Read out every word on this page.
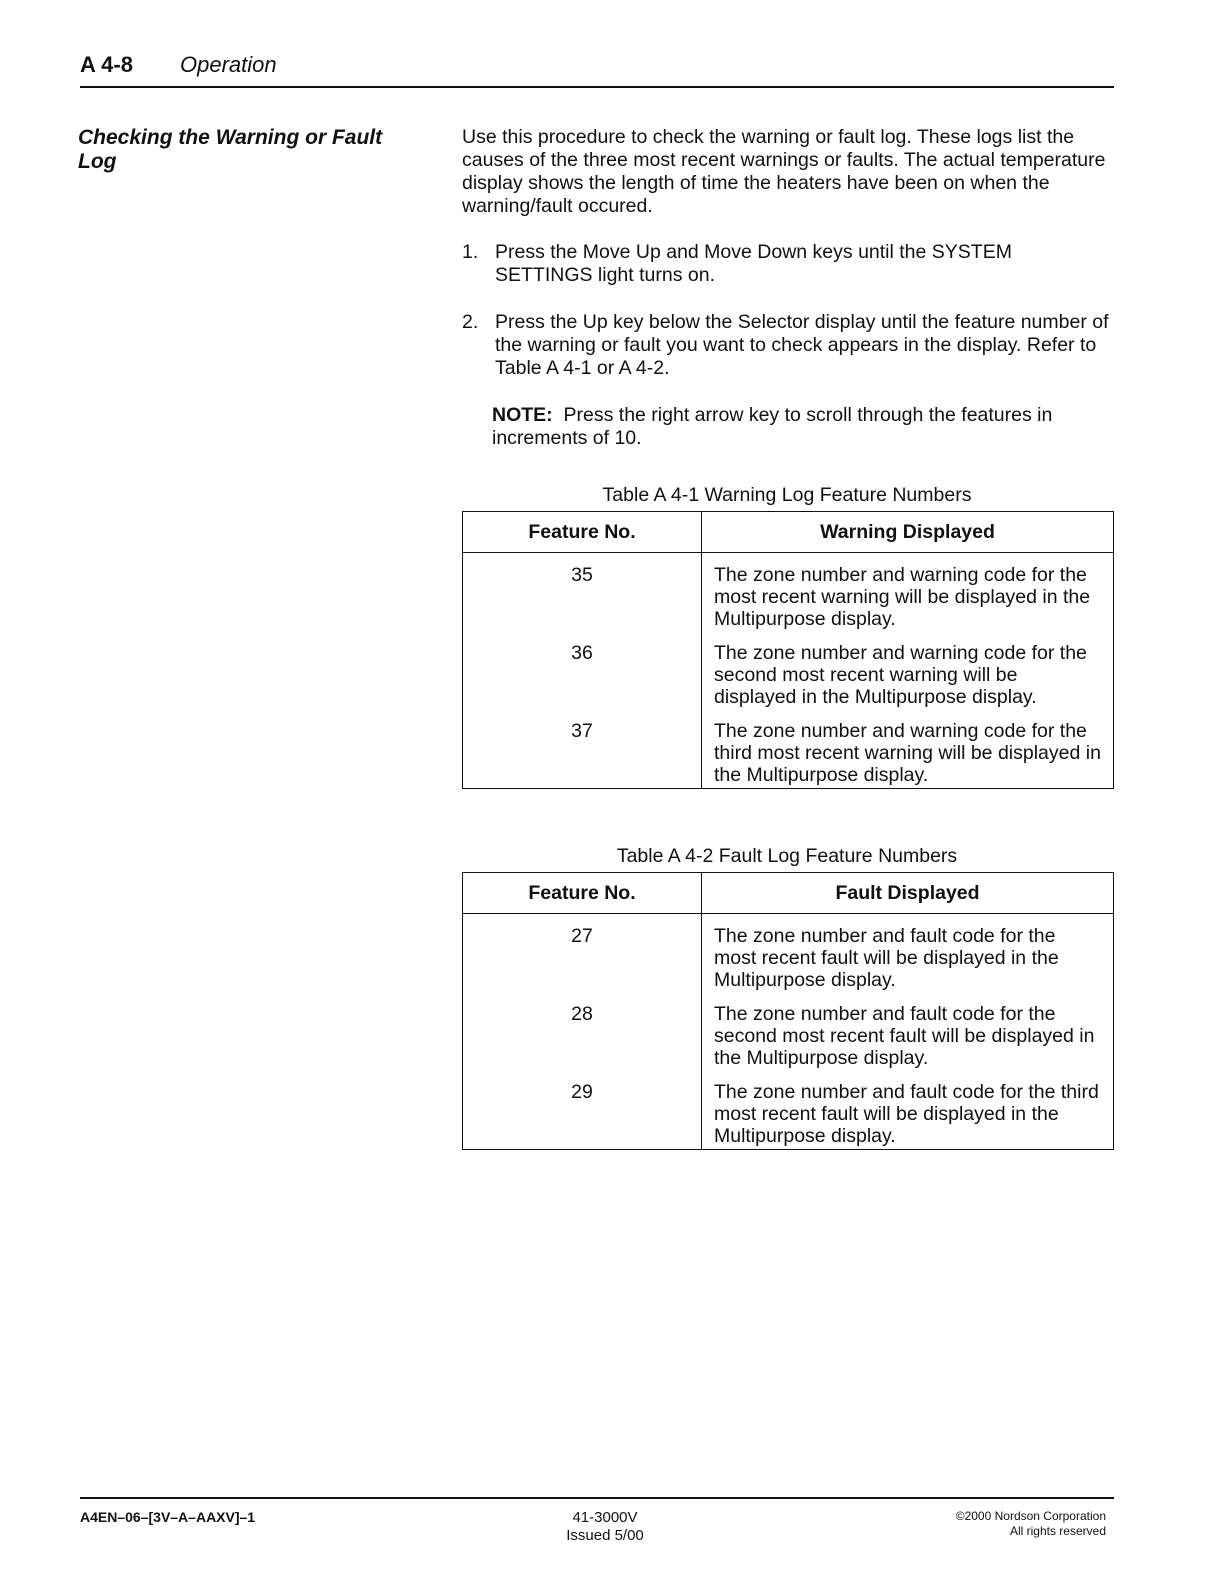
A 4-8 Operation
Checking the Warning or Fault Log

Use this procedure to check the warning or fault log. These logs list the causes of the three most recent warnings or faults. The actual temperature display shows the length of time the heaters have been on when the warning/fault occured.

1. Press the Move Up and Move Down keys until the SYSTEM SETTINGS light turns on.
2. Press the Up key below the Selector display until the feature number of the warning or fault you want to check appears in the display. Refer to Table A 4-1 or A 4-2.

NOTE: Press the right arrow key to scroll through the features in increments of 10.

Table A 4-1 Warning Log Feature Numbers

Feature No.	Warning Displayed
35	The zone number and warning code for the most recent warning will be displayed in the Multipurpose display.
36	The zone number and warning code for the second most recent warning will be displayed in the Multipurpose display.
37	The zone number and warning code for the third most recent warning will be displayed in the Multipurpose display.

Table A 4-2 Fault Log Feature Numbers

Feature No.	Fault Displayed
27	The zone number and fault code for the most recent fault will be displayed in the Multipurpose display.
28	The zone number and fault code for the second most recent fault will be displayed in the Multipurpose display.
29	The zone number and fault code for the third most recent fault will be displayed in the Multipurpose display.
A4EN–06–[3V–A–AAXV]–1	41-3000V
Issued 5/00
©2000 Nordson Corporation
All rights reserved
